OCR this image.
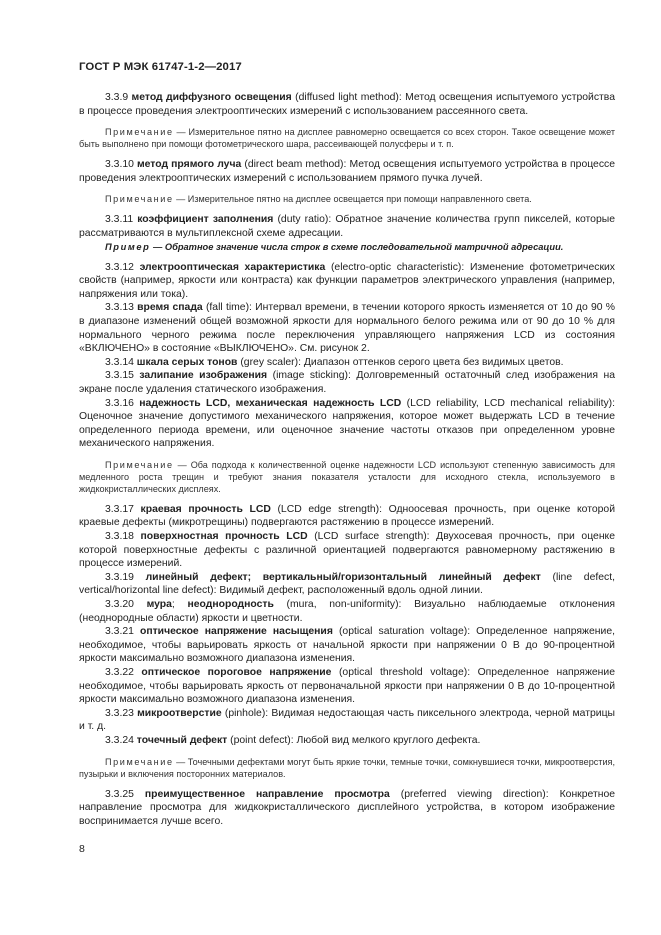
ГОСТ Р МЭК 61747-1-2—2017

3.3.9 метод диффузного освещения (diffused light method): Метод освещения испытуемого устройства в процессе проведения электрооптических измерений с использованием рассеянного света.

Примечание — Измерительное пятно на дисплее равномерно освещается со всех сторон. Такое освещение может быть выполнено при помощи фотометрического шара, рассеивающей полусферы и т. п.

3.3.10 метод прямого луча (direct beam method): Метод освещения испытуемого устройства в процессе проведения электрооптических измерений с использованием прямого пучка лучей.

Примечание — Измерительное пятно на дисплее освещается при помощи направленного света.

3.3.11 коэффициент заполнения (duty ratio): Обратное значение количества групп пикселей, которые рассматриваются в мультиплексной схеме адресации.

Пример — Обратное значение числа строк в схеме последовательной матричной адресации.

3.3.12 электрооптическая характеристика (electro-optic characteristic): Изменение фотометрических свойств (например, яркости или контраста) как функции параметров электрического управления (например, напряжения или тока).

3.3.13 время спада (fall time): Интервал времени, в течении которого яркость изменяется от 10 до 90 % в диапазоне изменений общей возможной яркости для нормального белого режима или от 90 до 10 % для нормального черного режима после переключения управляющего напряжения LCD из состояния «ВКЛЮЧЕНО» в состояние «ВЫКЛЮЧЕНО». См. рисунок 2.

3.3.14 шкала серых тонов (grey scaler): Диапазон оттенков серого цвета без видимых цветов.

3.3.15 залипание изображения (image sticking): Долговременный остаточный след изображения на экране после удаления статического изображения.

3.3.16 надежность LCD, механическая надежность LCD (LCD reliability, LCD mechanical reliability): Оценочное значение допустимого механического напряжения, которое может выдержать LCD в течение определенного периода времени, или оценочное значение частоты отказов при определенном уровне механического напряжения.

Примечание — Оба подхода к количественной оценке надежности LCD используют степенную зависимость для медленного роста трещин и требуют знания показателя усталости для исходного стекла, используемого в жидкокристаллических дисплеях.

3.3.17 краевая прочность LCD (LCD edge strength): Одноосевая прочность, при оценке которой краевые дефекты (микротрещины) подвергаются растяжению в процессе измерений.

3.3.18 поверхностная прочность LCD (LCD surface strength): Двухосевая прочность, при оценке которой поверхностные дефекты с различной ориентацией подвергаются равномерному растяжению в процессе измерений.

3.3.19 линейный дефект; вертикальный/горизонтальный линейный дефект (line defect, vertical/horizontal line defect): Видимый дефект, расположенный вдоль одной линии.

3.3.20 мура; неоднородность (mura, non-uniformity): Визуально наблюдаемые отклонения (неоднородные области) яркости и цветности.

3.3.21 оптическое напряжение насыщения (optical saturation voltage): Определенное напряжение, необходимое, чтобы варьировать яркость от начальной яркости при напряжении 0 В до 90-процентной яркости максимально возможного диапазона изменения.

3.3.22 оптическое пороговое напряжение (optical threshold voltage): Определенное напряжение необходимое, чтобы варьировать яркость от первоначальной яркости при напряжении 0 В до 10-процентной яркости максимально возможного диапазона изменения.

3.3.23 микроотверстие (pinhole): Видимая недостающая часть пиксельного электрода, черной матрицы и т. д.

3.3.24 точечный дефект (point defect): Любой вид мелкого круглого дефекта.

Примечание — Точечными дефектами могут быть яркие точки, темные точки, сомкнувшиеся точки, микроотверстия, пузырьки и включения посторонних материалов.

3.3.25 преимущественное направление просмотра (preferred viewing direction): Конкретное направление просмотра для жидкокристаллического дисплейного устройства, в котором изображение воспринимается лучше всего.

8
